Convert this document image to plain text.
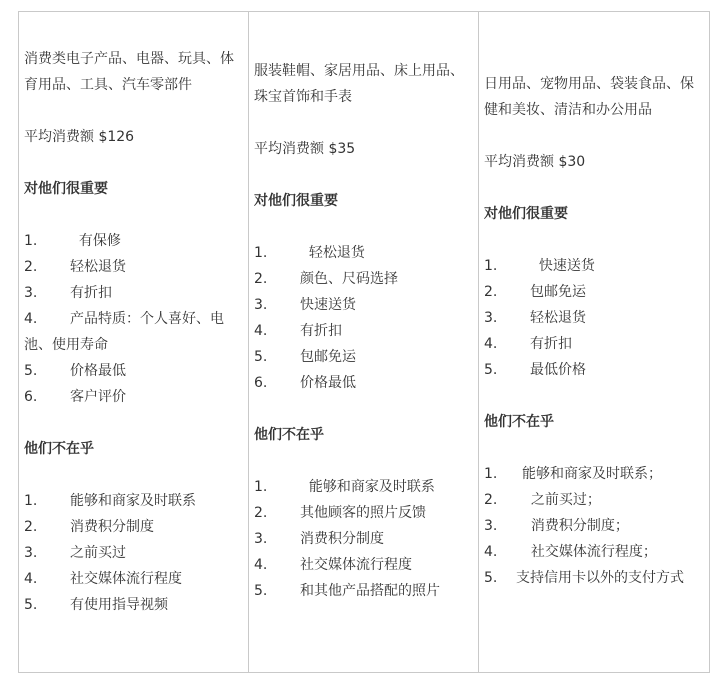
消费类电子产品、电器、玩具、体育用品、工具、汽车零部件
平均消费额 $126
对他们很重要
1.	有保修
2.	轻松退货
3.	有折扣
4. 产品特质：个人喜好、电池、使用寿命
5.	价格最低
6.	客户评价
他们不在乎
1.	能够和商家及时联系
2.	消费积分制度
3.	之前买过
4.	社交媒体流行程度
5.	有使用指导视频
服装鞋帽、家居用品、床上用品、珠宝首饰和手表
平均消费额 $35
对他们很重要
1.	轻松退货
2.	颜色、尺码选择
3.	快速送货
4.	有折扣
5.	包邮免运
6.	价格最低
他们不在乎
1.	能够和商家及时联系
2.	其他顾客的照片反馈
3.	消费积分制度
4.	社交媒体流行程度
5.	和其他产品搭配的照片
日用品、宠物用品、袋装食品、保健和美妆、清洁和办公用品
平均消费额 $30
对他们很重要
1.	快速送货
2.	包邮免运
3.	轻松退货
4.	有折扣
5.	最低价格
他们不在乎
1.	能够和商家及时联系；
2.	之前买过；
3.	消费积分制度；
4.	社交媒体流行程度；
5.	支持信用卡以外的支付方式
